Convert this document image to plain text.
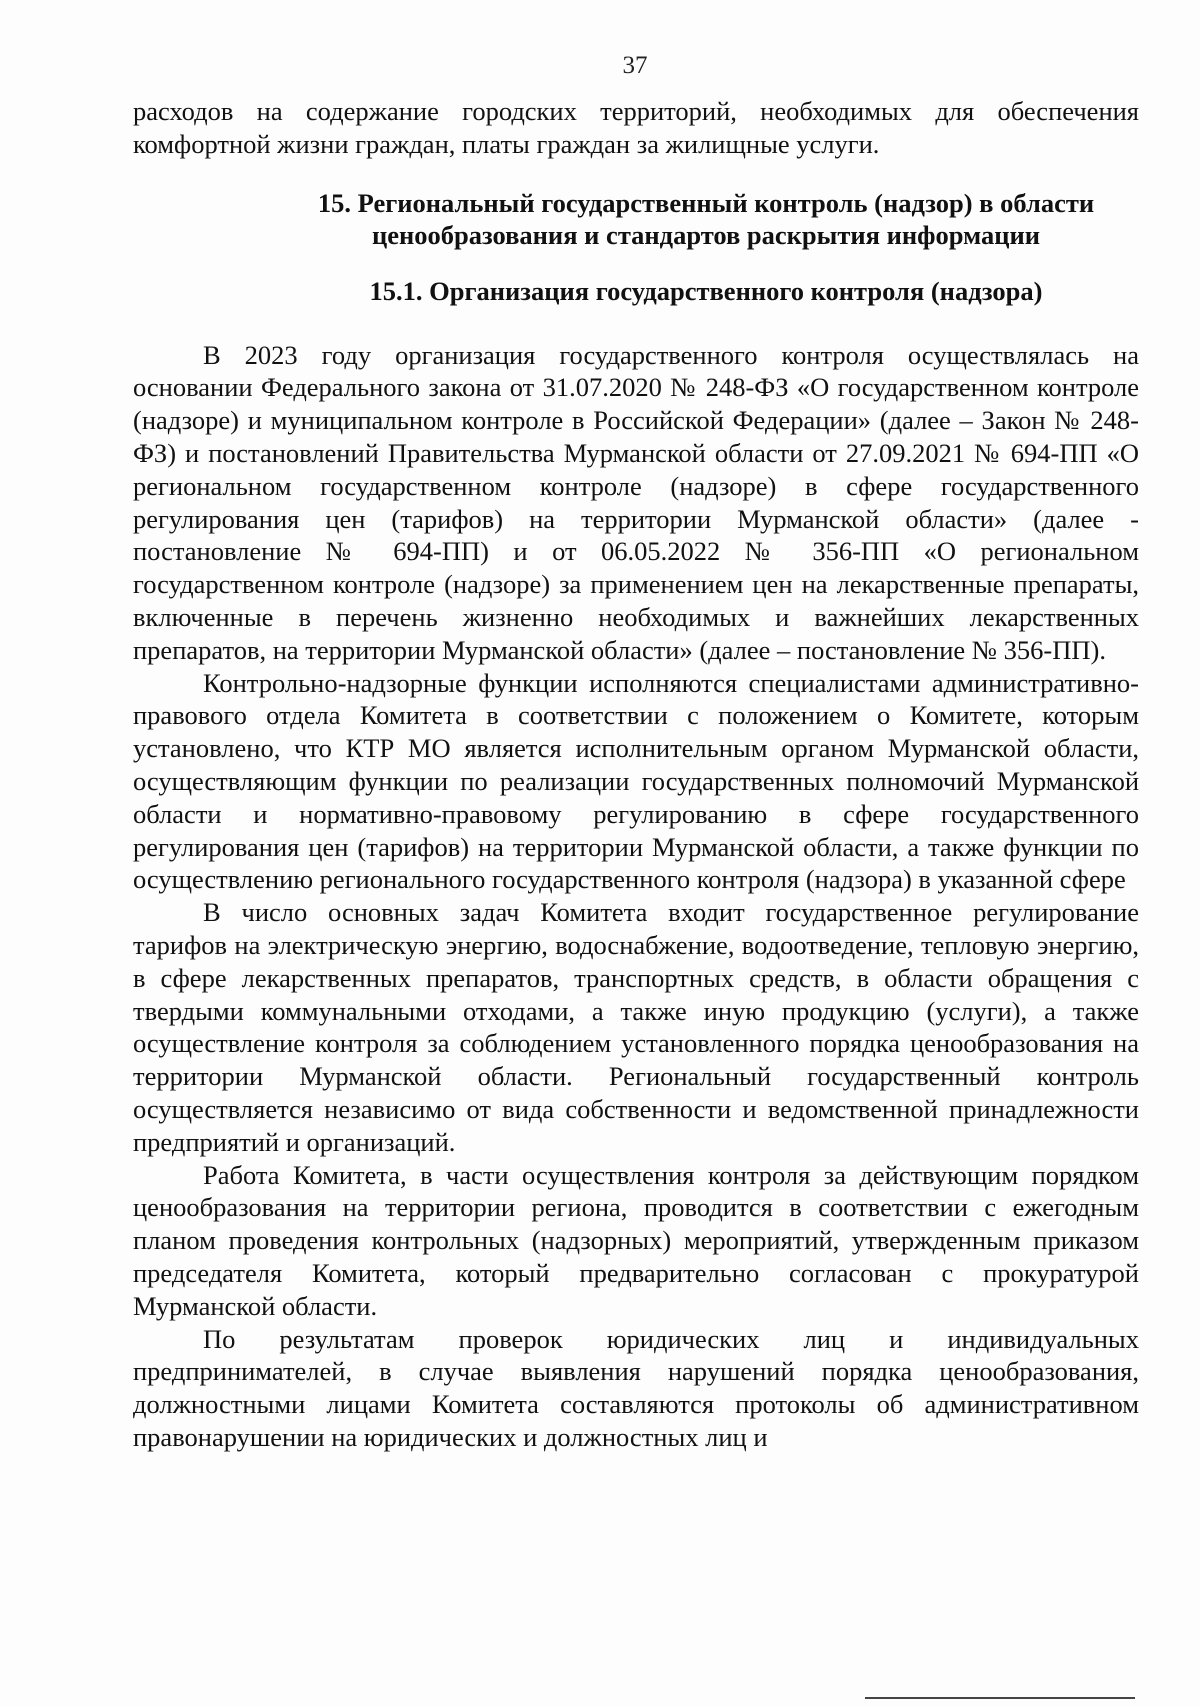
37

расходов на содержание городских территорий, необходимых для обеспечения комфортной жизни граждан, платы граждан за жилищные услуги.

15. Региональный государственный контроль (надзор) в области
ценообразования и стандартов раскрытия информации
15.1. Организация государственного контроля (надзора)

В 2023 году организация государственного контроля осуществлялась на основании Федерального закона от 31.07.2020 № 248-ФЗ «О государственном контроле (надзоре) и муниципальном контроле в Российской Федерации» (далее – Закон № 248-ФЗ) и постановлений Правительства Мурманской области от 27.09.2021 № 694-ПП «О региональном государственном контроле (надзоре) в сфере государственного регулирования цен (тарифов) на территории Мурманской области» (далее - постановление № 694-ПП) и от 06.05.2022 № 356-ПП «О региональном государственном контроле (надзоре) за применением цен на лекарственные препараты, включенные в перечень жизненно необходимых и важнейших лекарственных препаратов, на территории Мурманской области» (далее – постановление № 356-ПП).

Контрольно-надзорные функции исполняются специалистами административно-правового отдела Комитета в соответствии с положением о Комитете, которым установлено, что КТР МО является исполнительным органом Мурманской области, осуществляющим функции по реализации государственных полномочий Мурманской области и нормативно-правовому регулированию в сфере государственного регулирования цен (тарифов) на территории Мурманской области, а также функции по осуществлению регионального государственного контроля (надзора) в указанной сфере

В число основных задач Комитета входит государственное регулирование тарифов на электрическую энергию, водоснабжение, водоотведение, тепловую энергию, в сфере лекарственных препаратов, транспортных средств, в области обращения с твердыми коммунальными отходами, а также иную продукцию (услуги), а также осуществление контроля за соблюдением установленного порядка ценообразования на территории Мурманской области. Региональный государственный контроль осуществляется независимо от вида собственности и ведомственной принадлежности предприятий и организаций.

Работа Комитета, в части осуществления контроля за действующим порядком ценообразования на территории региона, проводится в соответствии с ежегодным планом проведения контрольных (надзорных) мероприятий, утвержденным приказом председателя Комитета, который предварительно согласован с прокуратурой Мурманской области.

По результатам проверок юридических лиц и индивидуальных предпринимателей, в случае выявления нарушений порядка ценообразования, должностными лицами Комитета составляются протоколы об административном правонарушении на юридических и должностных лиц и
